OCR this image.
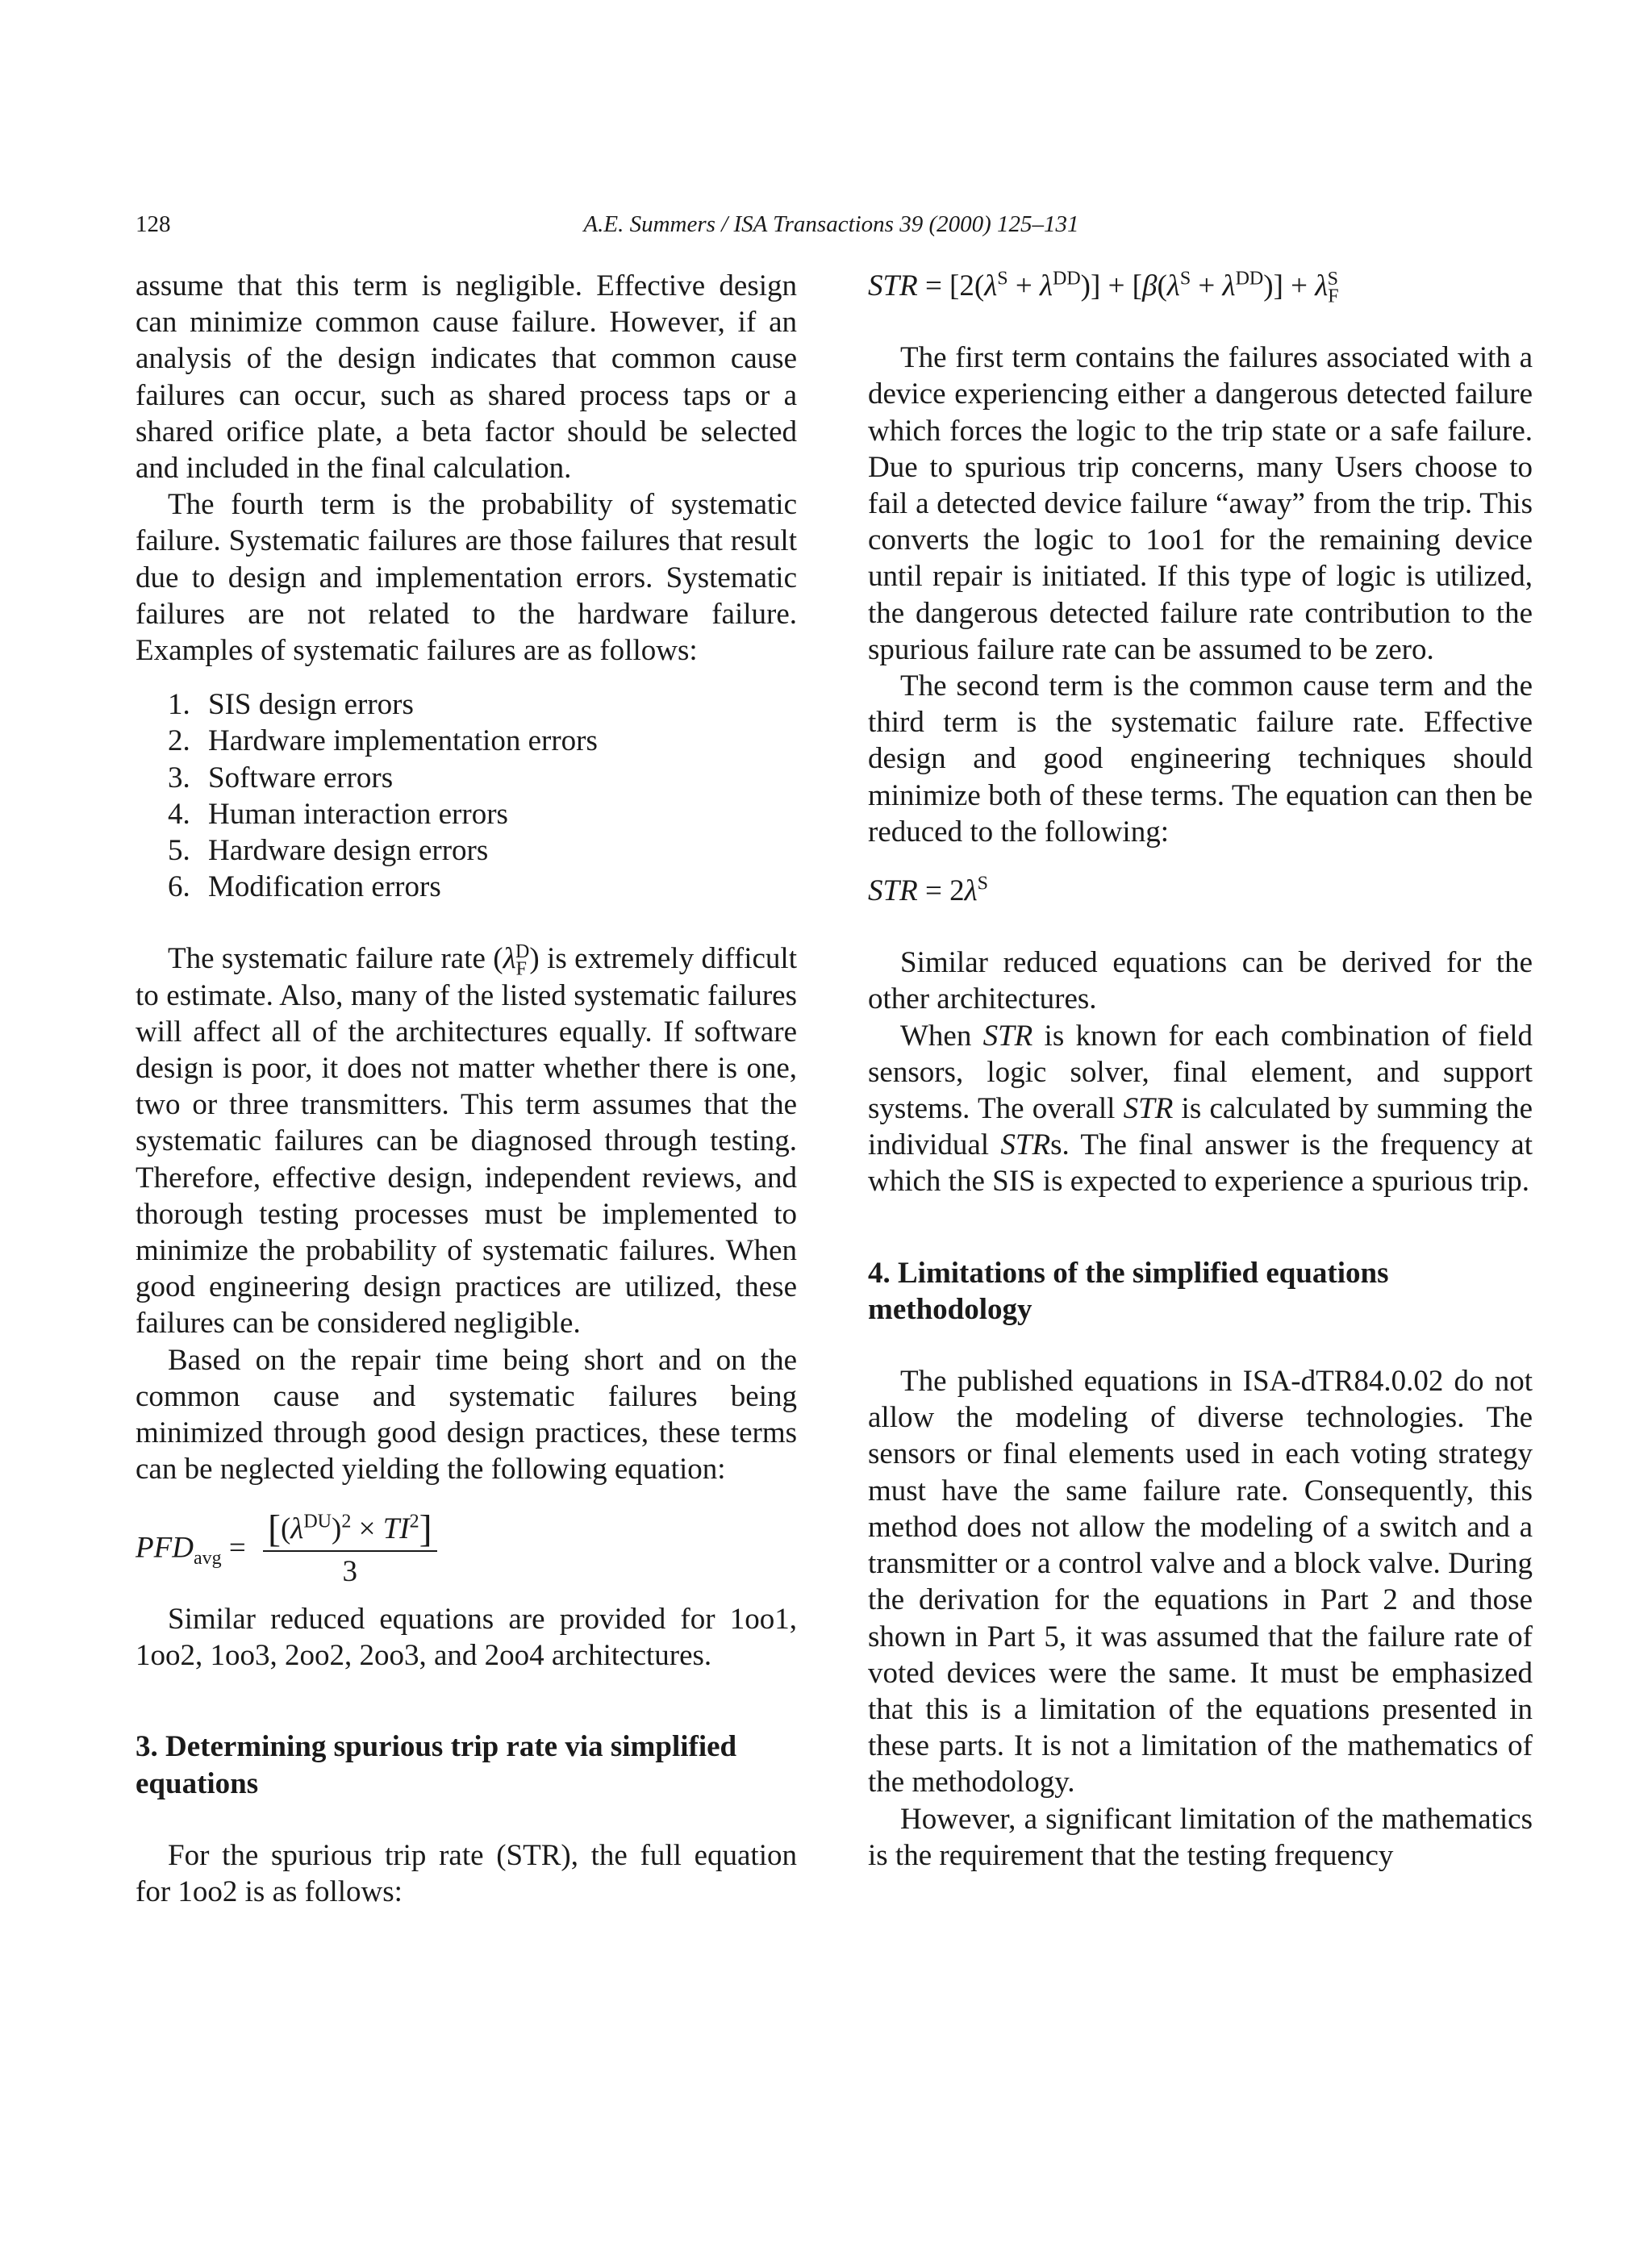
128	A.E. Summers / ISA Transactions 39 (2000) 125–131

assume that this term is negligible. Effective design can minimize common cause failure. However, if an analysis of the design indicates that common cause failures can occur, such as shared process taps or a shared orifice plate, a beta factor should be selected and included in the final calculation.

The fourth term is the probability of systematic failure. Systematic failures are those failures that result due to design and implementation errors. Systematic failures are not related to the hardware failure. Examples of systematic failures are as follows:

1. SIS design errors
2. Hardware implementation errors
3. Software errors
4. Human interaction errors
5. Hardware design errors
6. Modification errors

The systematic failure rate $(\lambda_F^D)$ is extremely difficult to estimate. Also, many of the listed systematic failures will affect all of the architectures equally. If software design is poor, it does not matter whether there is one, two or three transmitters. This term assumes that the systematic failures can be diagnosed through testing. Therefore, effective design, independent reviews, and thorough testing processes must be implemented to minimize the probability of systematic failures. When good engineering design practices are utilized, these failures can be considered negligible.

Based on the repair time being short and on the common cause and systematic failures being minimized through good design practices, these terms can be neglected yielding the following equation:

$PFD_{avg} = \frac{[(\lambda^{DU})^2 \times TI^2]}{3}$

Similar reduced equations are provided for 1oo1, 1oo2, 1oo3, 2oo2, 2oo3, and 2oo4 architectures.

3. Determining spurious trip rate via simplified equations

For the spurious trip rate (STR), the full equation for 1oo2 is as follows:

STR = $[2(\lambda^S + \lambda^{DD})] + [\beta(\lambda^S + \lambda^{DD})] + \lambda_F^S$

The first term contains the failures associated with a device experiencing either a dangerous detected failure which forces the logic to the trip state or a safe failure. Due to spurious trip concerns, many Users choose to fail a detected device failure “away” from the trip. This converts the logic to 1oo1 for the remaining device until repair is initiated. If this type of logic is utilized, the dangerous detected failure rate contribution to the spurious failure rate can be assumed to be zero.

The second term is the common cause term and the third term is the systematic failure rate. Effective design and good engineering techniques should minimize both of these terms. The equation can then be reduced to the following:

STR = $2\lambda^S$

Similar reduced equations can be derived for the other architectures.

When STR is known for each combination of field sensors, logic solver, final element, and support systems. The overall STR is calculated by summing the individual STRs. The final answer is the frequency at which the SIS is expected to experience a spurious trip.

4. Limitations of the simplified equations methodology

The published equations in ISA-dTR84.0.02 do not allow the modeling of diverse technologies. The sensors or final elements used in each voting strategy must have the same failure rate. Consequently, this method does not allow the modeling of a switch and a transmitter or a control valve and a block valve. During the derivation for the equations in Part 2 and those shown in Part 5, it was assumed that the failure rate of voted devices were the same. It must be emphasized that this is a limitation of the equations presented in these parts. It is not a limitation of the mathematics of the methodology.

However, a significant limitation of the mathematics is the requirement that the testing frequency
